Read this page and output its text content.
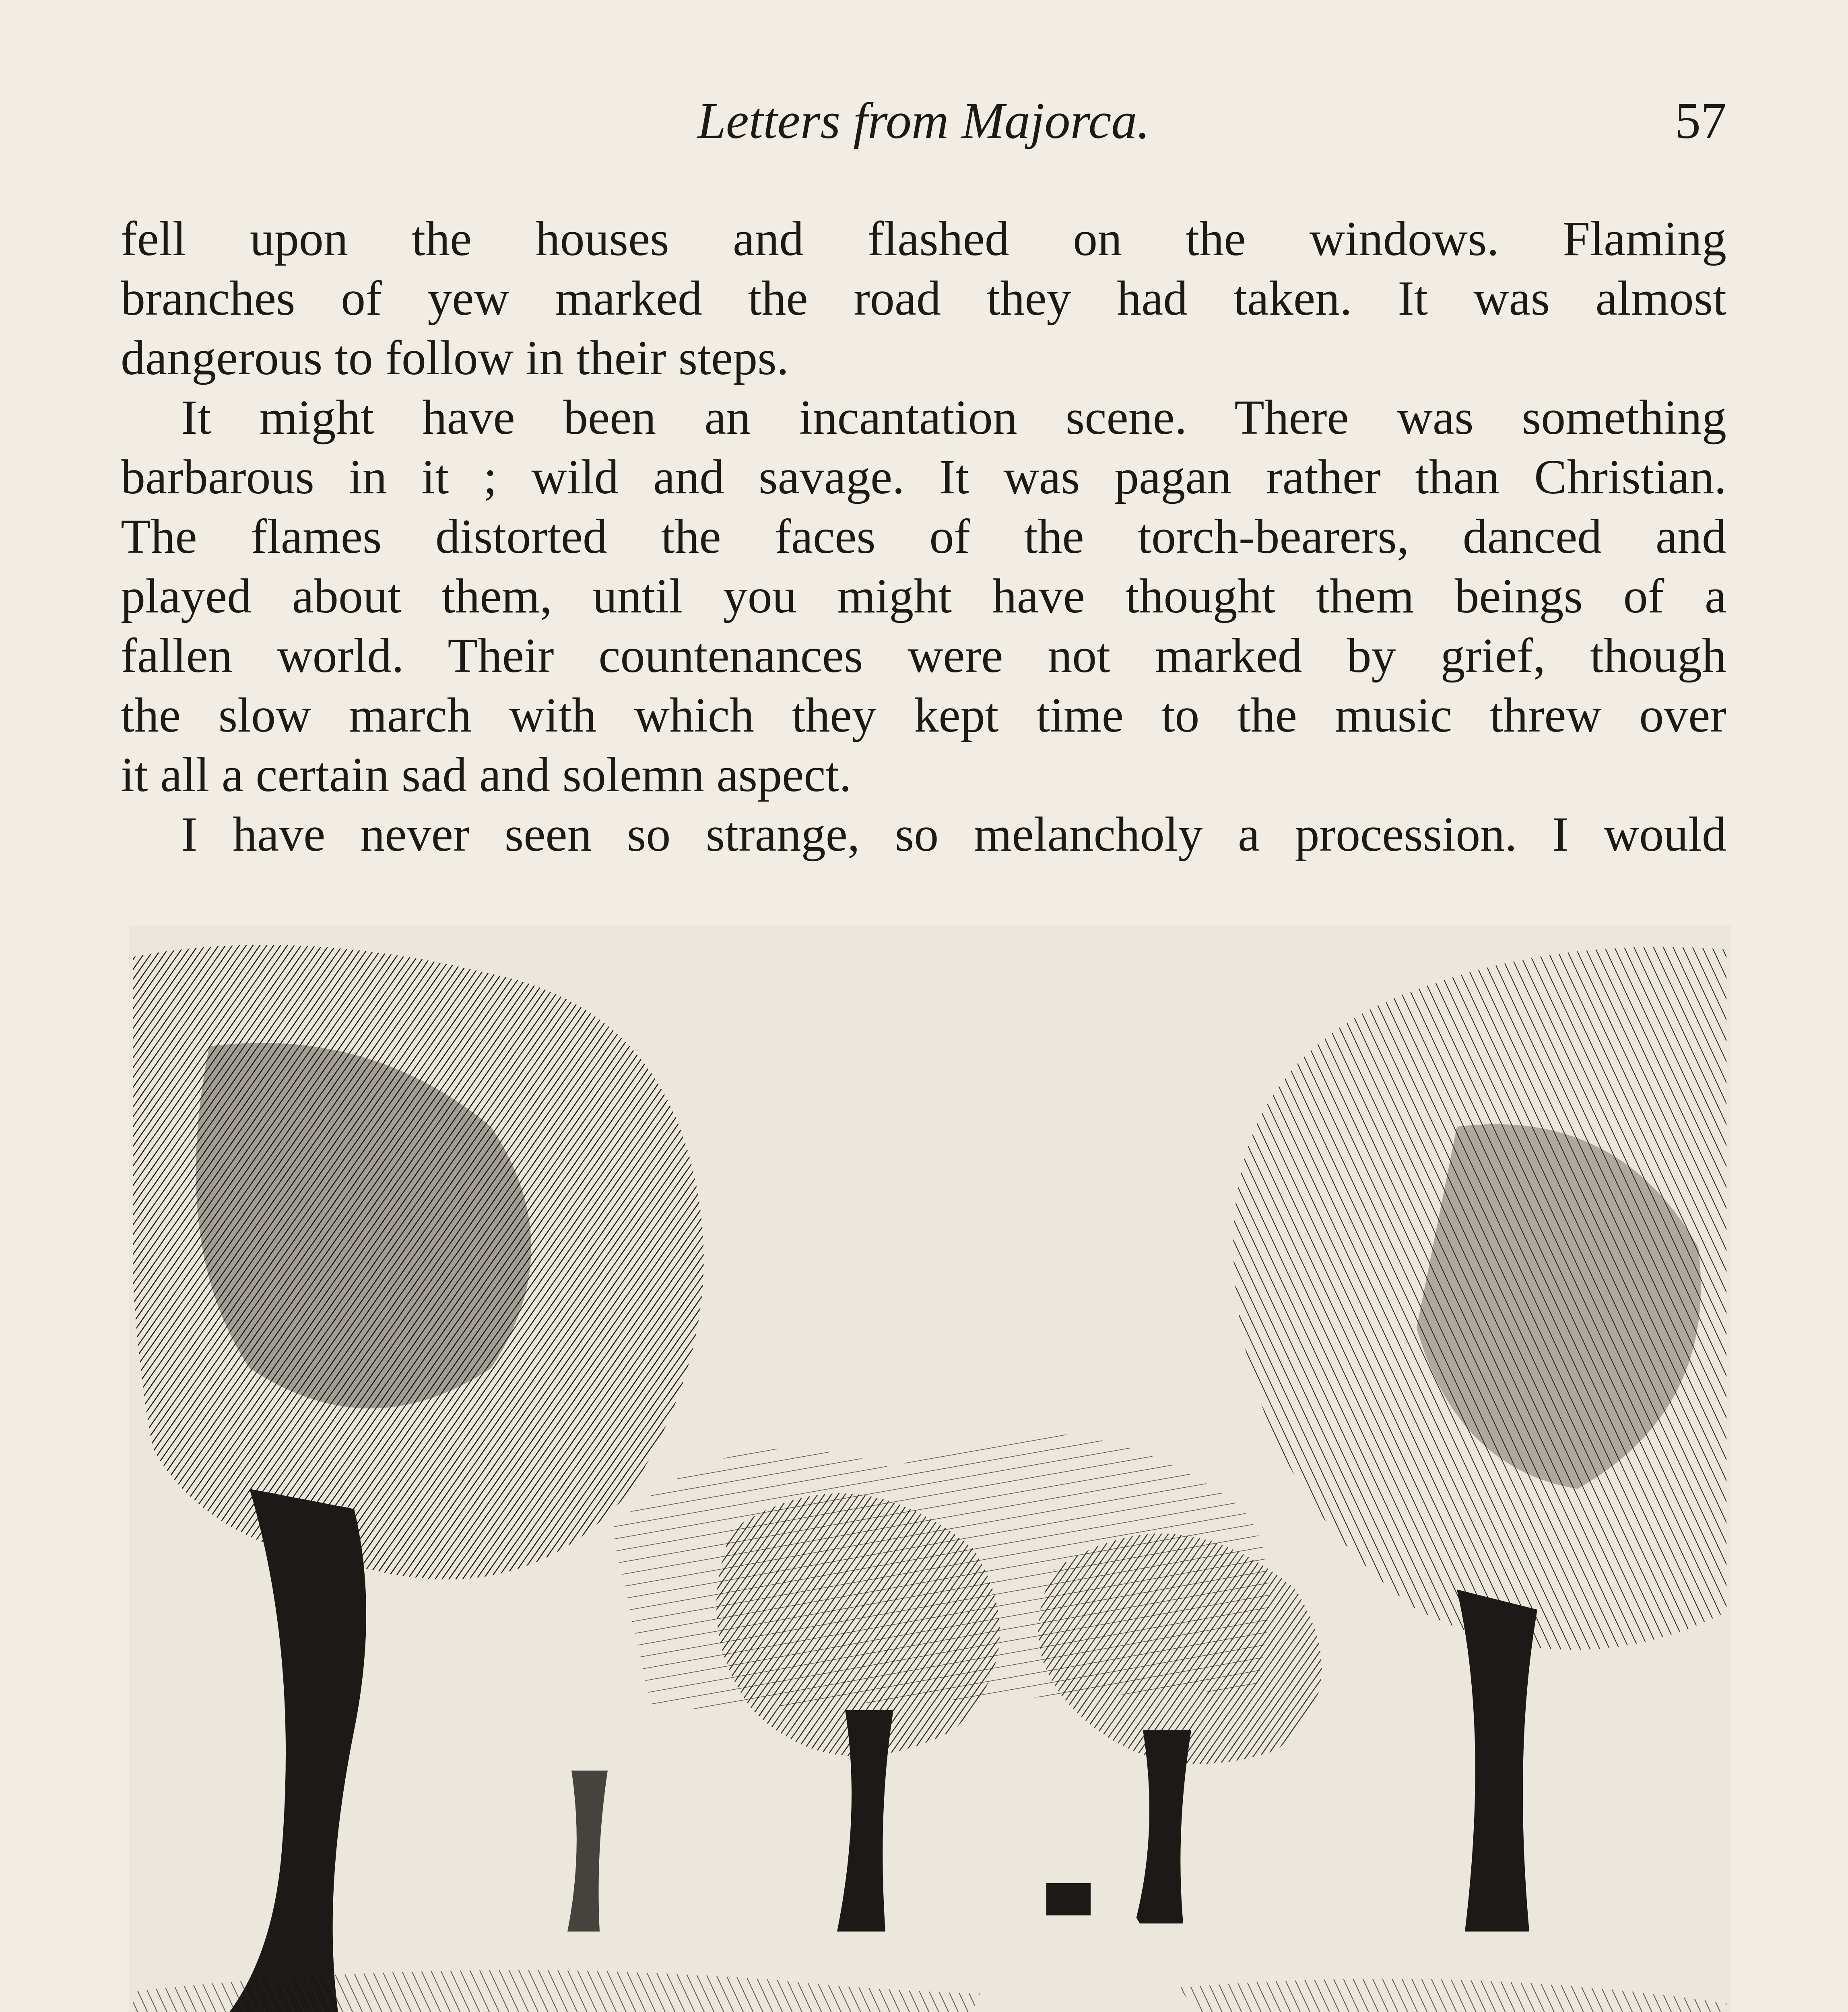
Letters from Majorca.	57
fell upon the houses and flashed on the windows. Flaming
branches of yew marked the road they had taken. It was almost
dangerous to follow in their steps.
It might have been an incantation scene. There was something
barbarous in it ; wild and savage. It was pagan rather than Christian.
The flames distorted the faces of the torch-bearers, danced and
played about them, until you might have thought them beings of a
fallen world. Their countenances were not marked by grief, though
the slow march with which they kept time to the music threw over
it all a certain sad and solemn aspect.
I have never seen so strange, so melancholy a procession. I would
